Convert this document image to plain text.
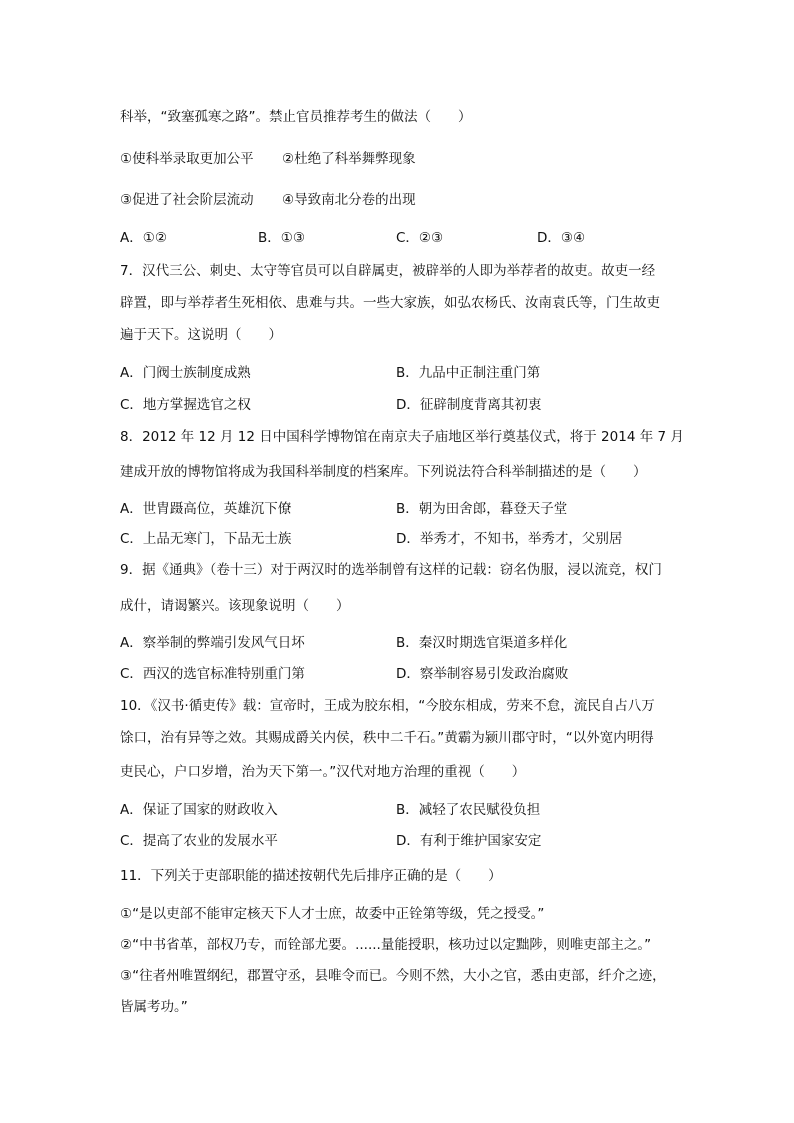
科举，“致塞孤寒之路”。禁止官员推荐考生的做法（　　）
①使科举录取更加公平 ②杜绝了科举舞弊现象
③促进了社会阶层流动 ④导致南北分卷的出现
A．①②	B．①③	C．②③	D．③④
7．汉代三公、刺史、太守等官员可以自辟属吏，被辟举的人即为举荐者的故吏。故吏一经
辟置，即与举荐者生死相依、患难与共。一些大家族，如弘农杨氏、汝南袁氏等，门生故吏
遍于天下。这说明（　　）
A．门阀士族制度成熟	B．九品中正制注重门第
C．地方掌握选官之权	D．征辟制度背离其初衷
8．2012 年 12 月 12 日中国科学博物馆在南京夫子庙地区举行奠基仪式，将于 2014 年 7 月
建成开放的博物馆将成为我国科举制度的档案库。下列说法符合科举制描述的是（　　）
A．世胄蹑高位，英雄沉下僚	B．朝为田舍郎，暮登天子堂
C．上品无寒门，下品无士族	D．举秀才，不知书，举秀才，父别居
9．据《通典》（卷十三）对于两汉时的选举制曾有这样的记载：窃名伪服，浸以流竞，权门
成什，请谒繁兴。该现象说明（　　）
A．察举制的弊端引发风气日坏	B．秦汉时期选官渠道多样化
C．西汉的选官标准特别重门第	D．察举制容易引发政治腐败
10．《汉书·循吏传》载：宣帝时，王成为胶东相，“今胶东相成，劳来不怠，流民自占八万
馀口，治有异等之效。其赐成爵关内侯，秩中二千石。”黄霸为颍川郡守时，“以外宽内明得
吏民心，户口岁增，治为天下第一。”汉代对地方治理的重视（　　）
A．保证了国家的财政收入	B．减轻了农民赋役负担
C．提高了农业的发展水平	D．有利于维护国家安定
11．下列关于吏部职能的描述按朝代先后排序正确的是（　　）
①“是以吏部不能审定核天下人才士庶，故委中正铨第等级，凭之授受。”
②“中书省革，部权乃专，而铨部尤要。......量能授职，核功过以定黜陟，则唯吏部主之。”
③“往者州唯置纲纪，郡置守丞，县唯令而已。今则不然，大小之官，悉由吏部，纤介之迹，
皆属考功。”
